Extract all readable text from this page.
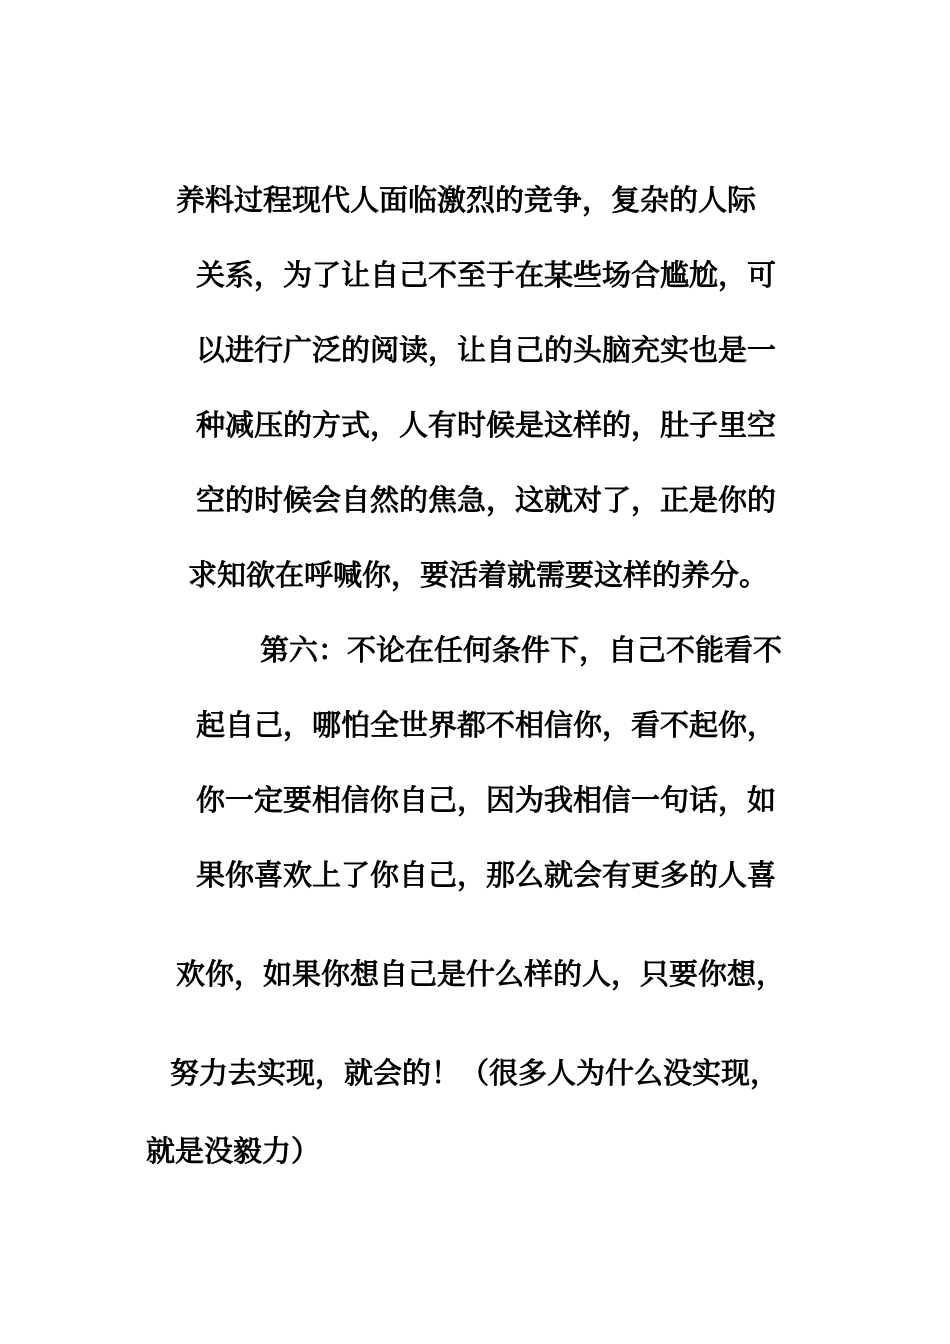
养料过程现代人面临激烈的竞争，复杂的人际
关系，为了让自己不至于在某些场合尴尬，可
以进行广泛的阅读，让自己的头脑充实也是一
种减压的方式，人有时候是这样的，肚子里空
空的时候会自然的焦急，这就对了，正是你的
求知欲在呼喊你，要活着就需要这样的养分。
第六：不论在任何条件下，自己不能看不
起自己，哪怕全世界都不相信你，看不起你，
你一定要相信你自己，因为我相信一句话，如
果你喜欢上了你自己，那么就会有更多的人喜
欢你，如果你想自己是什么样的人，只要你想，
努力去实现，就会的！（很多人为什么没实现，
就是没毅力）
